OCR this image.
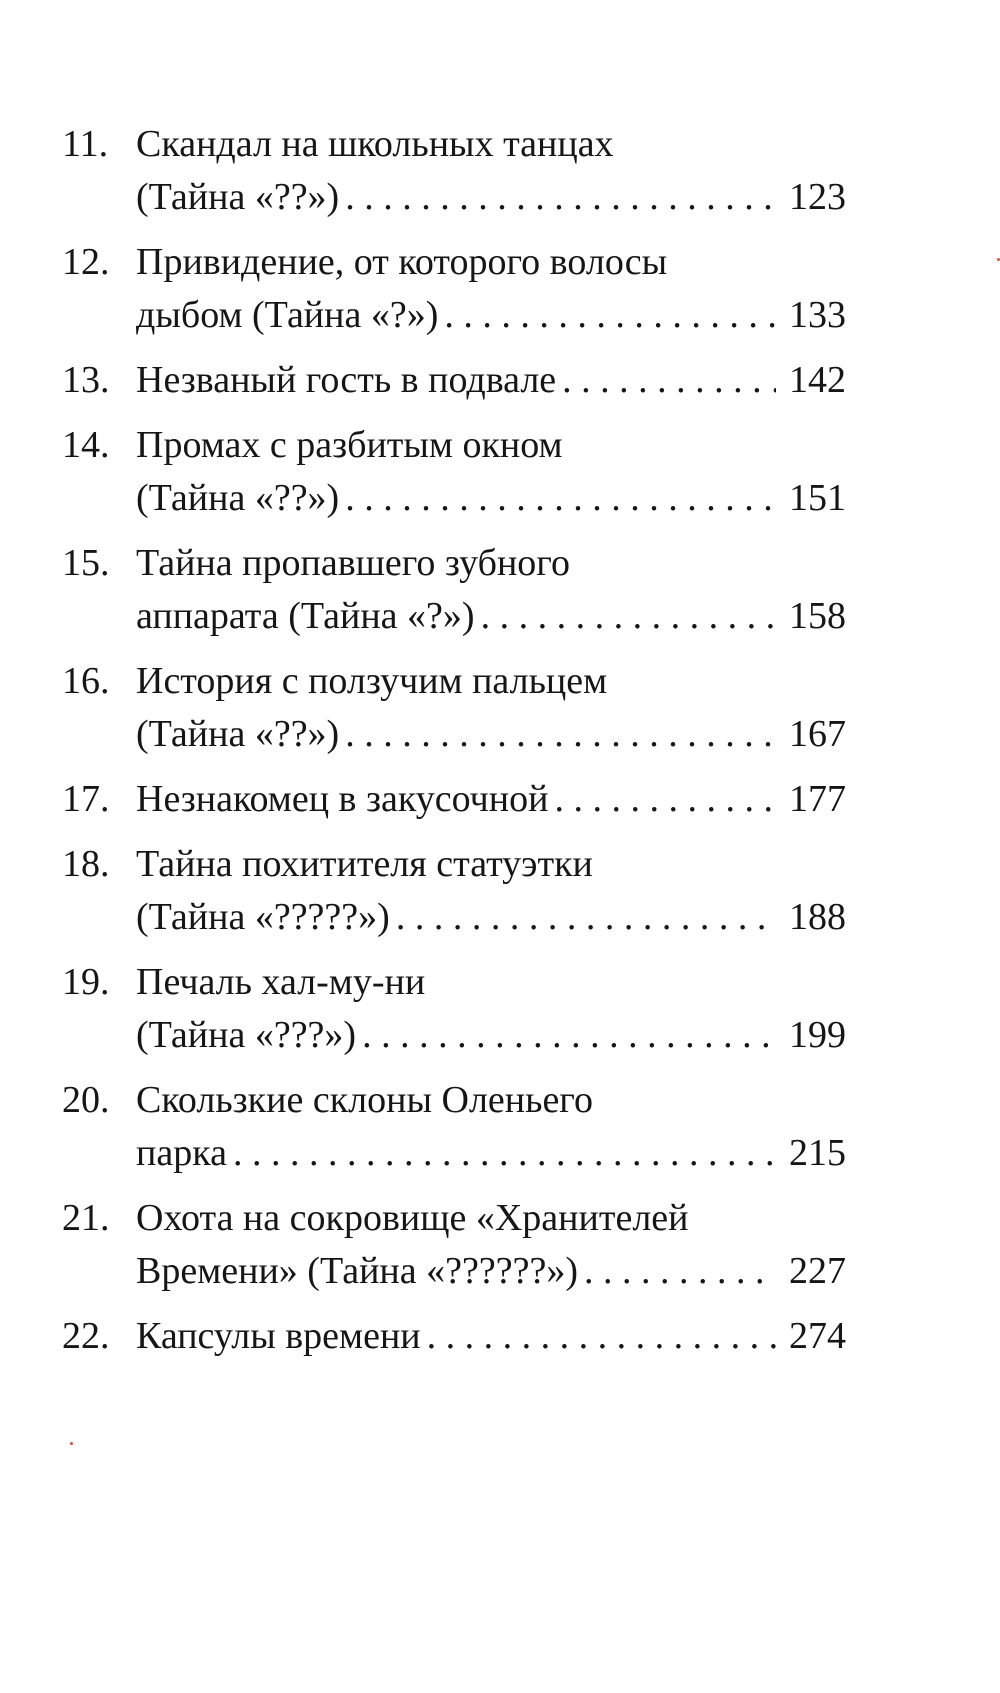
11. Скандал на школьных танцах
(Тайна «??») . . .	123
12. Привидение, от которого волосы
дыбом (Тайна «?») . . .	133
13. Незваный гость в подвале . . .	142
14. Промах с разбитым окном
(Тайна «??») . . .	151
15. Тайна пропавшего зубного
аппарата (Тайна «?») . . .	158
16. История с ползучим пальцем
(Тайна «??») . . .	167
17. Незнакомец в закусочной . . .	177
18. Тайна похитителя статуэтки
(Тайна «?????») . . .	188
19. Печаль хал-му-ни
(Тайна «???») . . .	199
20. Скользкие склоны Оленьего
парка . . .	215
21. Охота на сокровище «Хранителей
Времени» (Тайна «??????») . . .	227
22. Капсулы времени . . .	274
